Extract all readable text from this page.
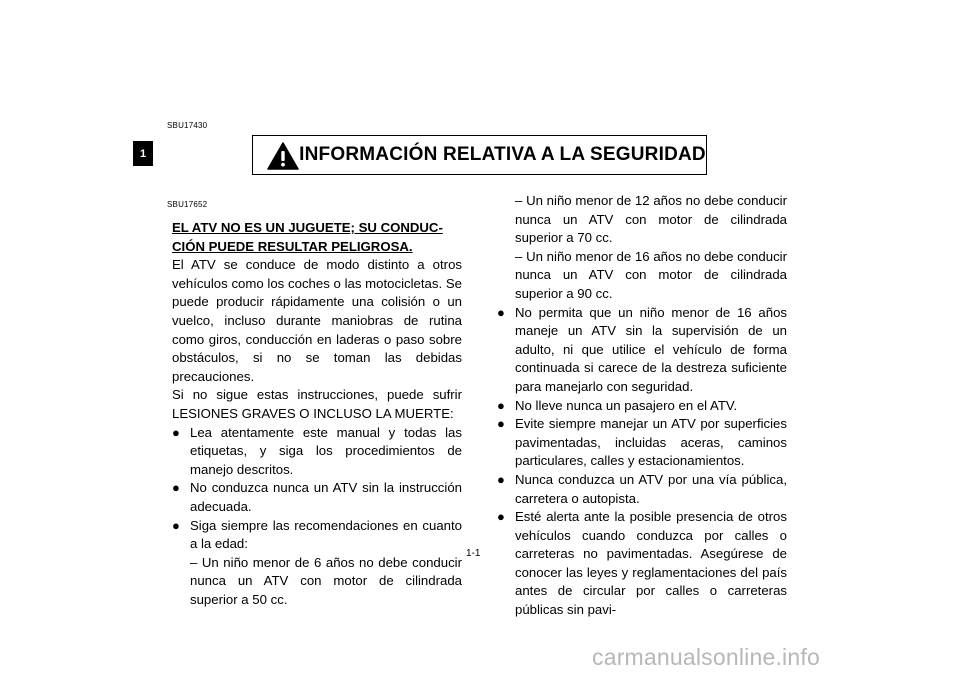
1
SBU17430
INFORMACIÓN RELATIVA A LA SEGURIDAD
SBU17652

EL ATV NO ES UN JUGUETE; SU CONDUC-

CIÓN PUEDE RESULTAR PELIGROSA.

El ATV se conduce de modo distinto a otros vehículos como los coches o las motocicletas. Se puede producir rápidamente una colisión o un vuelco, incluso durante maniobras de rutina como giros, conducción en laderas o paso sobre obstáculos, si no se toman las debidas precauciones.

Si no sigue estas instrucciones, puede sufrir LESIONES GRAVES O INCLUSO LA MUERTE:

● Lea atentamente este manual y todas las etiquetas, y siga los procedimientos de manejo descritos.
● No conduzca nunca un ATV sin la instrucción adecuada.
● Siga siempre las recomendaciones en cuanto a la edad:
– Un niño menor de 6 años no debe conducir nunca un ATV con motor de cilindrada superior a 50 cc.
– Un niño menor de 12 años no debe conducir nunca un ATV con motor de cilindrada superior a 70 cc.
– Un niño menor de 16 años no debe conducir nunca un ATV con motor de cilindrada superior a 90 cc.
● No permita que un niño menor de 16 años maneje un ATV sin la supervisión de un adulto, ni que utilice el vehículo de forma continuada si carece de la destreza suficiente para manejarlo con seguridad.
● No lleve nunca un pasajero en el ATV.
● Evite siempre manejar un ATV por superficies pavimentadas, incluidas aceras, caminos particulares, calles y estacionamientos.
● Nunca conduzca un ATV por una vía pública, carretera o autopista.
● Esté alerta ante la posible presencia de otros vehículos cuando conduzca por calles o carreteras no pavimentadas. Asegúrese de conocer las leyes y reglamentaciones del país antes de circular por calles o carreteras públicas sin pavi-
1-1
carmanualsonline.info
